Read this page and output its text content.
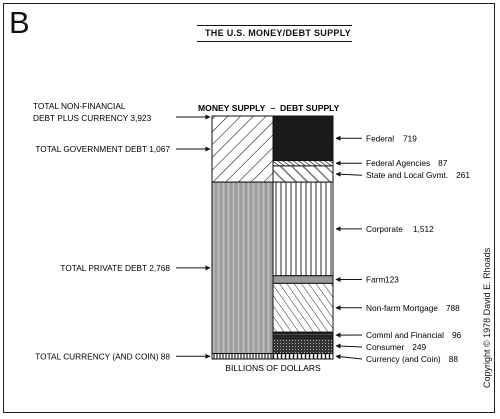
B	THE U.S. MONEY/DEBT SUPPLY
Copyright © 1978 David E. Rhoads
MONEY SUPPLY – DEBT SUPPLY
TOTAL GOVERNMENT DEBT 1,067
TOTAL PRIVATE DEBT 2,768
TOTAL CURRENCY (AND COIN) 88
TOTAL NON-FINANCIAL
DEBT PLUS CURRENCY 3,923
Federal 719
Federal Agencies 87
State and Local Gvmt. 261
Corporate 1,512
Farm 123
Non-farm Mortgage 788
Comml and Financial 96
Consumer 249
Currency (and Coin) 88
BILLIONS OF DOLLARS
